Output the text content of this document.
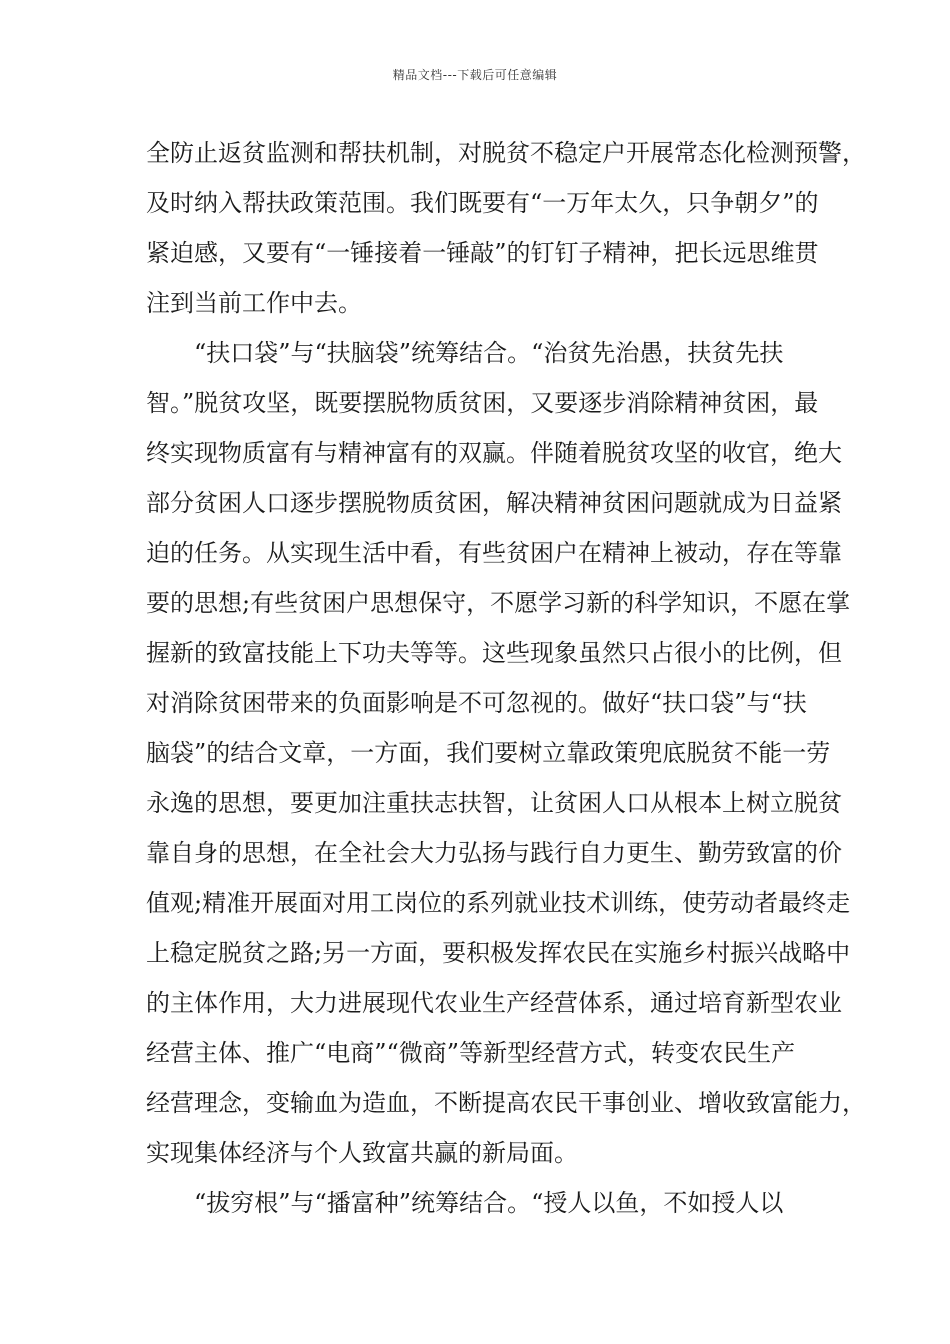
精品文档---下载后可任意编辑
全防止返贫监测和帮扶机制，对脱贫不稳定户开展常态化检测预警，
及时纳入帮扶政策范围。我们既要有“一万年太久，只争朝夕”的
紧迫感，又要有“一锤接着一锤敲”的钉钉子精神，把长远思维贯
注到当前工作中去。
“扶口袋”与“扶脑袋”统筹结合。“治贫先治愚，扶贫先扶
智。”脱贫攻坚，既要摆脱物质贫困，又要逐步消除精神贫困，最
终实现物质富有与精神富有的双赢。伴随着脱贫攻坚的收官，绝大
部分贫困人口逐步摆脱物质贫困，解决精神贫困问题就成为日益紧
迫的任务。从实现生活中看，有些贫困户在精神上被动，存在等靠
要的思想;有些贫困户思想保守，不愿学习新的科学知识，不愿在掌
握新的致富技能上下功夫等等。这些现象虽然只占很小的比例，但
对消除贫困带来的负面影响是不可忽视的。做好“扶口袋”与“扶
脑袋”的结合文章，一方面，我们要树立靠政策兜底脱贫不能一劳
永逸的思想，要更加注重扶志扶智，让贫困人口从根本上树立脱贫
靠自身的思想，在全社会大力弘扬与践行自力更生、勤劳致富的价
值观;精准开展面对用工岗位的系列就业技术训练，使劳动者最终走
上稳定脱贫之路;另一方面，要积极发挥农民在实施乡村振兴战略中
的主体作用，大力进展现代农业生产经营体系，通过培育新型农业
经营主体、推广“电商”“微商”等新型经营方式，转变农民生产
经营理念，变输血为造血，不断提高农民干事创业、增收致富能力，
实现集体经济与个人致富共赢的新局面。
“拔穷根”与“播富种”统筹结合。“授人以鱼，不如授人以
